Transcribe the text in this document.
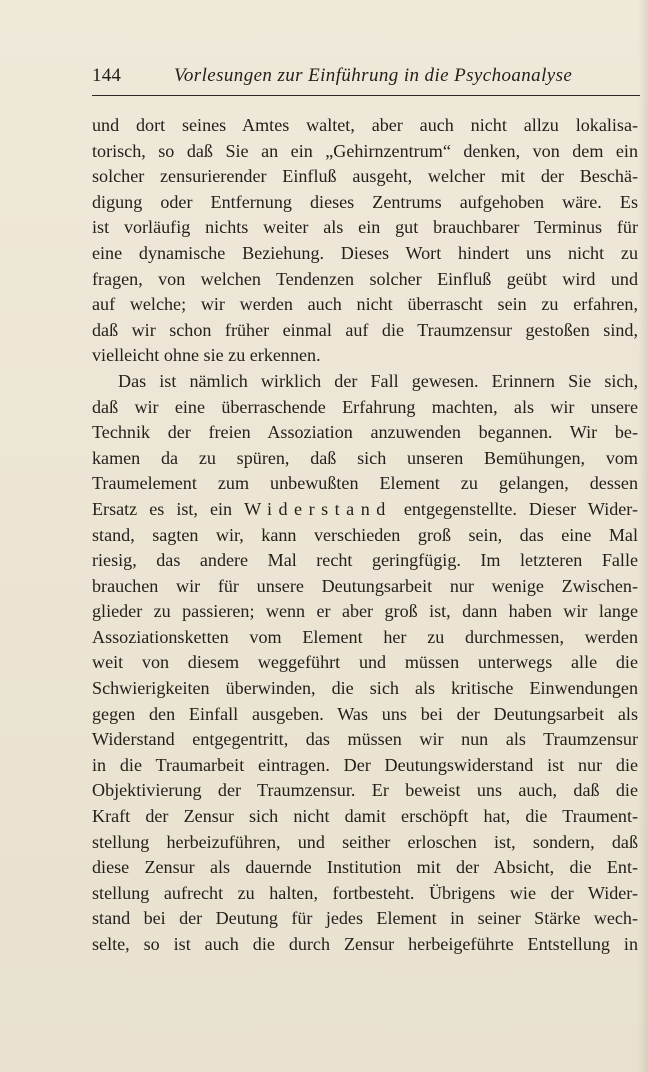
144	Vorlesungen zur Einführung in die Psychoanalyse
und dort seines Amtes waltet, aber auch nicht allzu lokalisa-
torisch, so daß Sie an ein „Gehirnzentrum“ denken, von dem ein
solcher zensurierender Einfluß ausgeht, welcher mit der Beschä-
digung oder Entfernung dieses Zentrums aufgehoben wäre. Es
ist vorläufig nichts weiter als ein gut brauchbarer Terminus für
eine dynamische Beziehung. Dieses Wort hindert uns nicht zu
fragen, von welchen Tendenzen solcher Einfluß geübt wird und
auf welche; wir werden auch nicht überrascht sein zu erfahren,
daß wir schon früher einmal auf die Traumzensur gestoßen sind,
vielleicht ohne sie zu erkennen.
Das ist nämlich wirklich der Fall gewesen. Erinnern Sie sich,
daß wir eine überraschende Erfahrung machten, als wir unsere
Technik der freien Assoziation anzuwenden begannen. Wir be-
kamen da zu spüren, daß sich unseren Bemühungen, vom
Traumelement zum unbewußten Element zu gelangen, dessen
Ersatz es ist, ein Widerstand entgegenstellte. Dieser Wider-
stand, sagten wir, kann verschieden groß sein, das eine Mal
riesig, das andere Mal recht geringfügig. Im letzteren Falle
brauchen wir für unsere Deutungsarbeit nur wenige Zwischen-
glieder zu passieren; wenn er aber groß ist, dann haben wir lange
Assoziationsketten vom Element her zu durchmessen, werden
weit von diesem weggeführt und müssen unterwegs alle die
Schwierigkeiten überwinden, die sich als kritische Einwendungen
gegen den Einfall ausgeben. Was uns bei der Deutungsarbeit als
Widerstand entgegentritt, das müssen wir nun als Traumzensur
in die Traumarbeit eintragen. Der Deutungswiderstand ist nur die
Objektivierung der Traumzensur. Er beweist uns auch, daß die
Kraft der Zensur sich nicht damit erschöpft hat, die Traument-
stellung herbeizuführen, und seither erloschen ist, sondern, daß
diese Zensur als dauernde Institution mit der Absicht, die Ent-
stellung aufrecht zu halten, fortbesteht. Übrigens wie der Wider-
stand bei der Deutung für jedes Element in seiner Stärke wech-
selte, so ist auch die durch Zensur herbeigeführte Entstellung in
